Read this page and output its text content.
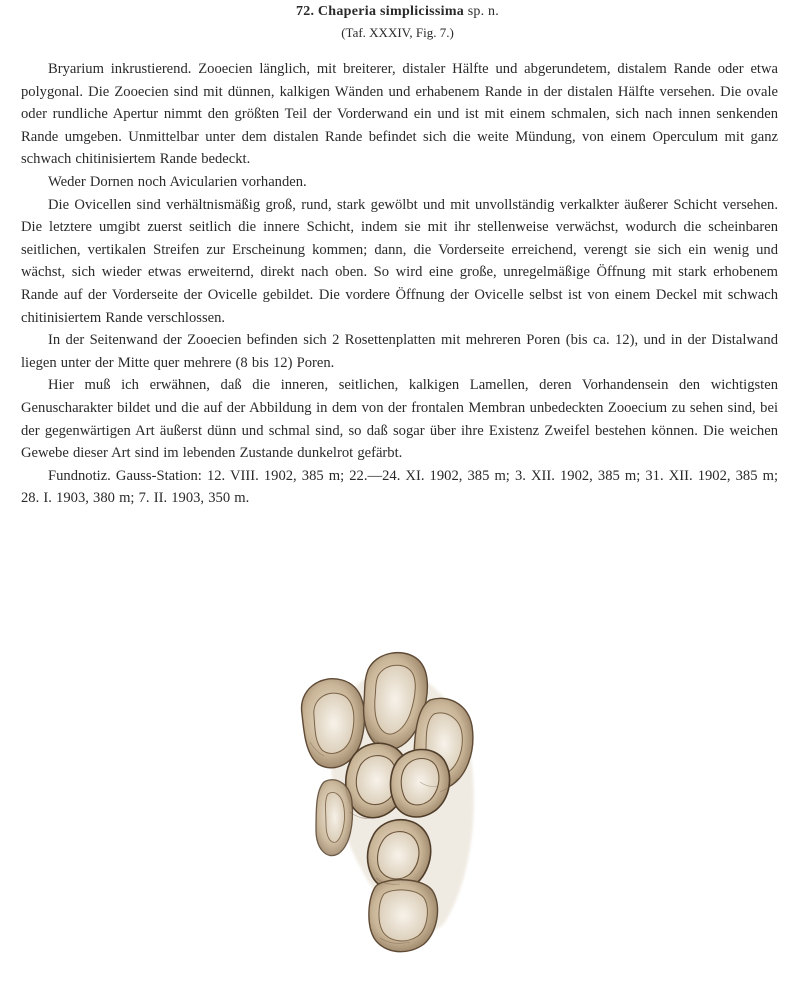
72. Chaperia simplicissima sp. n.
(Taf. XXXIV, Fig. 7.)

Bryarium inkrustierend. Zooecien länglich, mit breiterer, distaler Hälfte und abgerundetem, distalem Rande oder etwa polygonal. Die Zooecien sind mit dünnen, kalkigen Wänden und erhabenem Rande in der distalen Hälfte versehen. Die ovale oder rundliche Apertur nimmt den größten Teil der Vorderwand ein und ist mit einem schmalen, sich nach innen senkenden Rande umgeben. Unmittelbar unter dem distalen Rande befindet sich die weite Mündung, von einem Operculum mit ganz schwach chitinisiertem Rande bedeckt.

Weder Dornen noch Avicularien vorhanden.

Die Ovicellen sind verhältnismäßig groß, rund, stark gewölbt und mit unvollständig verkalkter äußerer Schicht versehen. Die letztere umgibt zuerst seitlich die innere Schicht, indem sie mit ihr stellenweise verwächst, wodurch die scheinbaren seitlichen, vertikalen Streifen zur Erscheinung kommen; dann, die Vorderseite erreichend, verengt sie sich ein wenig und wächst, sich wieder etwas erweiternd, direkt nach oben. So wird eine große, unregelmäßige Öffnung mit stark erhobenem Rande auf der Vorderseite der Ovicelle gebildet. Die vordere Öffnung der Ovicelle selbst ist von einem Deckel mit schwach chitinisiertem Rande verschlossen.

In der Seitenwand der Zooecien befinden sich 2 Rosettenplatten mit mehreren Poren (bis ca. 12), und in der Distalwand liegen unter der Mitte quer mehrere (8 bis 12) Poren.

Hier muß ich erwähnen, daß die inneren, seitlichen, kalkigen Lamellen, deren Vorhandensein den wichtigsten Genuscharakter bildet und die auf der Abbildung in dem von der frontalen Membran unbedeckten Zooecium zu sehen sind, bei der gegenwärtigen Art äußerst dünn und schmal sind, so daß sogar über ihre Existenz Zweifel bestehen können. Die weichen Gewebe dieser Art sind im lebenden Zustande dunkelrot gefärbt.

Fundnotiz. Gauss-Station: 12. VIII. 1902, 385 m; 22.—24. XI. 1902, 385 m; 3. XII. 1902, 385 m; 31. XII. 1902, 385 m; 28. I. 1903, 380 m; 7. II. 1903, 350 m.
